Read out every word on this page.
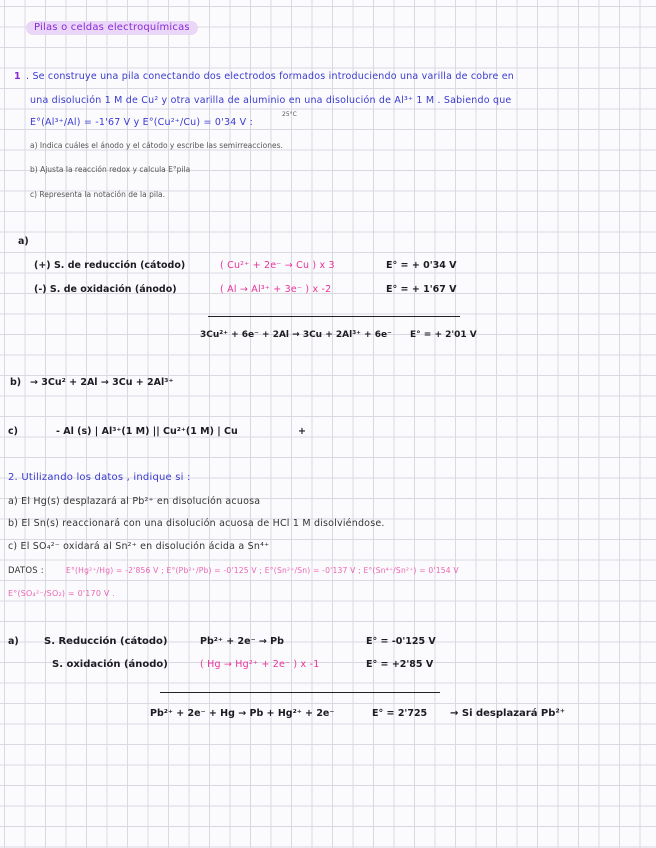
Pilas o celdas electroquímicas
1 . Se construye una pila conectando dos electrodos formados introduciendo una varilla de cobre en
una disolución 1 M de Cu² y otra varilla de aluminio en una disolución de Al³⁺ 1 M . Sabiendo que
E°(Al³⁺/Al) = -1'67 V y E°(Cu²⁺/Cu) = 0'34 V :
25°C
a) Indica cuáles el ánodo y el cátodo y escribe las semirreacciones.
b) Ajusta la reacción redox y calcula E°pila
c) Representa la notación de la pila.
a)
(+) S. de reducción (cátodo)	( Cu²⁺ + 2e⁻ → Cu ) x 3	E° = + 0'34 V
(-) S. de oxidación (ánodo)	( Al → Al³⁺ + 3e⁻ ) x -2	E° = + 1'67 V
3Cu²⁺ + 6e⁻ + 2Al → 3Cu + 2Al³⁺ + 6e⁻ E° = + 2'01 V
b) → 3Cu² + 2Al → 3Cu + 2Al³⁺
c)	- Al (s) | Al³⁺(1 M) || Cu²⁺(1 M) | Cu	+
2. Utilizando los datos , indique si :
a) El Hg(s) desplazará al Pb²⁺ en disolución acuosa
b) El Sn(s) reaccionará con una disolución acuosa de HCl 1 M disolviéndose.
c) El SO₄²⁻ oxidará al Sn²⁺ en disolución ácida a Sn⁴⁺
DATOS :	E°(Hg²⁺/Hg) = -2'856 V ; E°(Pb²⁺/Pb) = -0'125 V ; E°(Sn²⁺/Sn) = -0'137 V ; E°(Sn⁴⁺/Sn²⁺) = 0'154 V
E°(SO₄²⁻/SO₂) = 0'170 V .
a)	S. Reducción (cátodo)	Pb²⁺ + 2e⁻ → Pb	E° = -0'125 V
S. oxidación (ánodo)	( Hg → Hg²⁺ + 2e⁻ ) x -1	E° = +2'85 V
Pb²⁺ + 2e⁻ + Hg → Pb + Hg²⁺ + 2e⁻	E° = 2'725 → Si desplazará Pb²⁺
